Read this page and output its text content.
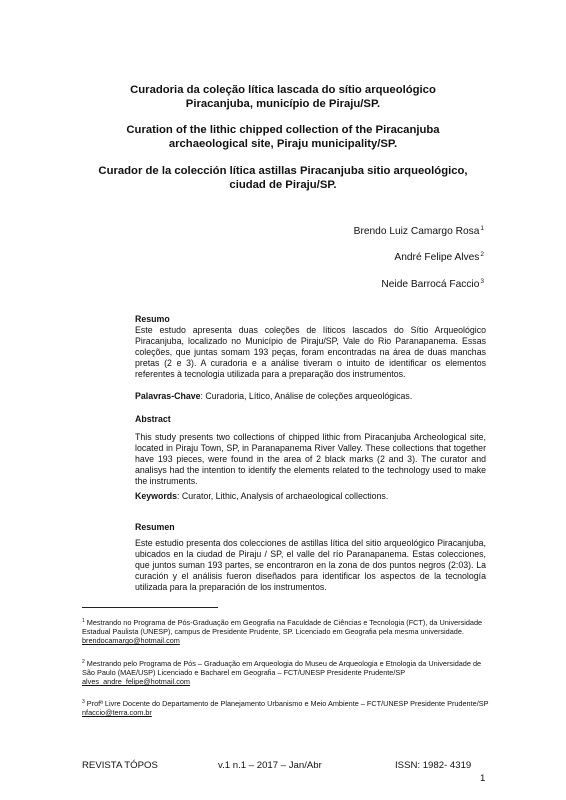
Curadoria da coleção lítica lascada do sítio arqueológico
Piracanjuba, município de Piraju/SP.
Curation of the lithic chipped collection of the Piracanjuba
archaeological site, Piraju municipality/SP.
Curador de la colección lítica astillas Piracanjuba sitio arqueológico,
ciudad de Piraju/SP.
Brendo Luiz Camargo Rosa$^1$
André Felipe Alves$^2$
Neide Barrocá Faccio$^3$
Resumo
Este estudo apresenta duas coleções de líticos lascados do Sítio Arqueológico Piracanjuba, localizado no Município de Piraju/SP, Vale do Rio Paranapanema. Essas coleções, que juntas somam 193 peças, foram encontradas na área de duas manchas pretas (2 e 3). A curadoria e a análise tiveram o intuito de identificar os elementos referentes à tecnologia utilizada para a preparação dos instrumentos.
Palavras-Chave: Curadoria, Lítico, Análise de coleções arqueológicas.
Abstract
This study presents two collections of chipped lithic from Piracanjuba Archeological site, located in Piraju Town, SP, in Paranapanema River Valley. These collections that together have 193 pieces, were found in the area of 2 black marks (2 and 3). The curator and analisys had the intention to identify the elements related to the technology used to make the instruments.
Keywords: Curator, Lithic, Analysis of archaeological collections.
Resumen
Este estudio presenta dos colecciones de astillas lítica del sitio arqueológico Piracanjuba, ubicados en la ciudad de Piraju / SP, el valle del río Paranapanema. Estas colecciones, que juntos suman 193 partes, se encontraron en la zona de dos puntos negros (2:03). La curación y el análisis fueron diseñados para identificar los aspectos de la tecnología utilizada para la preparación de los instrumentos.
$^1$ Mestrando no Programa de Pós-Graduação em Geografia na Faculdade de Ciências e Tecnologia (FCT), da Universidade Estadual Paulista (UNESP), campus de Presidente Prudente, SP. Licenciado em Geografia pela mesma universidade. brendocamargo@hotmail.com
$^2$ Mestrando pelo Programa de Pós – Graduação em Arqueologia do Museu de Arqueologia e Etnologia da Universidade de São Paulo (MAE/USP) Licenciado e Bacharel em Geografia – FCT/UNESP Presidente Prudente/SP alves_andre_felipe@hotmail.com
$^3$ Profª Livre Docente do Departamento de Planejamento Urbanismo e Meio Ambiente – FCT/UNESP Presidente Prudente/SP nfaccio@terra.com.br
REVISTA TÓPOS	v.1 n.1 – 2017 – Jan/Abr	ISSN: 1982- 4319
1
